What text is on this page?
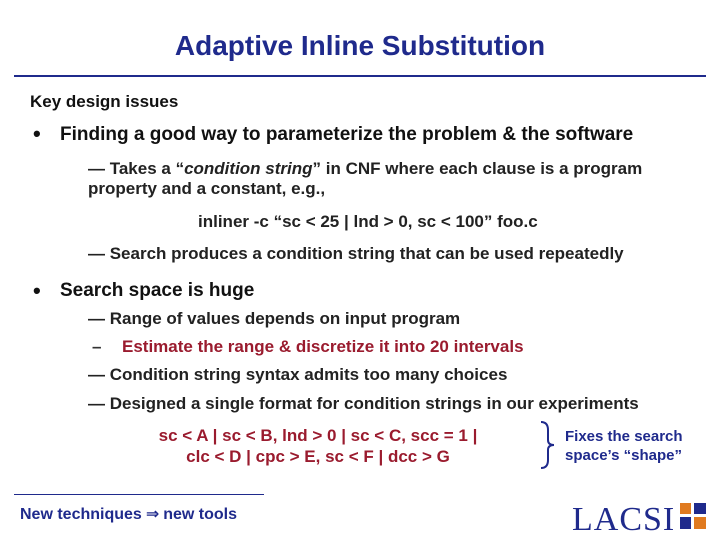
Adaptive Inline Substitution
Key design issues
• Finding a good way to parameterize the problem & the software
— Takes a “condition string” in CNF where each clause is a program
property and a constant, e.g.,
inliner -c “sc < 25 | lnd > 0, sc < 100” foo.c
— Search produces a condition string that can be used repeatedly
• Search space is huge
— Range of values depends on input program
– Estimate the range & discretize it into 20 intervals
— Condition string syntax admits too many choices
— Designed a single format for condition strings in our experiments
sc < A | sc < B, lnd > 0 | sc < C, scc = 1 |
clc < D | cpc > E, sc < F | dcc > G
Fixes the search space’s “shape”
New techniques ⇒ new tools	LACSI
